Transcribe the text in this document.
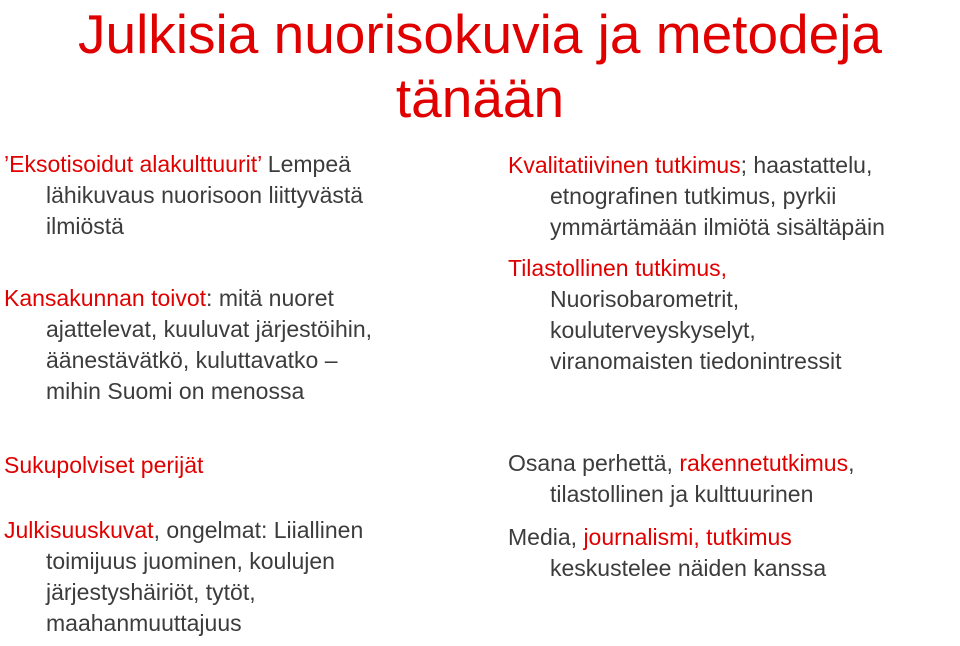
Julkisia nuorisokuvia ja metodeja
tänään

’Eksotisoidut alakulttuurit’ Lempeä

lähikuvaus nuorisoon liittyvästä

ilmiöstä

Kansakunnan toivot: mitä nuoret

ajattelevat, kuuluvat järjestöihin,

äänestävätkö, kuluttavatko –

mihin Suomi on menossa

Sukupolviset perijät

Julkisuuskuvat, ongelmat: Liiallinen

toimijuus juominen, koulujen

järjestyshäiriöt, tytöt,

maahanmuuttajuus

Kvalitatiivinen tutkimus; haastattelu,

etnografinen tutkimus, pyrkii

ymmärtämään ilmiötä sisältäpäin

Tilastollinen tutkimus,

Nuorisobarometrit,

kouluterveyskyselyt,

viranomaisten tiedonintressit

Osana perhettä, rakennetutkimus,

tilastollinen ja kulttuurinen

Media, journalismi, tutkimus

keskustelee näiden kanssa
